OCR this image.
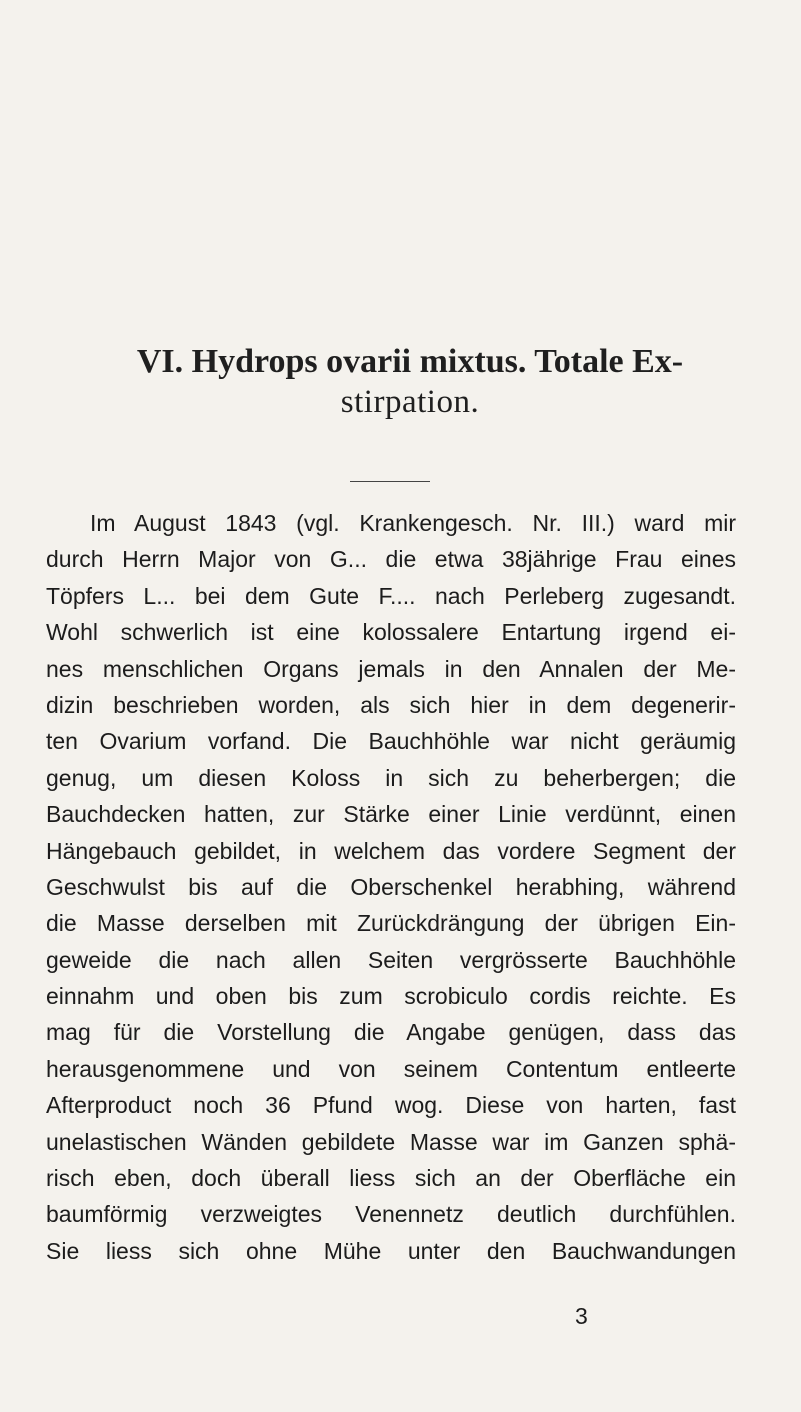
VI. Hydrops ovarii mixtus. Totale Ex-
stirpation.
Im August 1843 (vgl. Krankengesch. Nr. III.) ward mir
durch Herrn Major von G... die etwa 38jährige Frau eines
Töpfers L... bei dem Gute F.... nach Perleberg zugesandt.
Wohl schwerlich ist eine kolossalere Entartung irgend ei-
nes menschlichen Organs jemals in den Annalen der Me-
dizin beschrieben worden, als sich hier in dem degenerir-
ten Ovarium vorfand. Die Bauchhöhle war nicht geräumig
genug, um diesen Koloss in sich zu beherbergen; die
Bauchdecken hatten, zur Stärke einer Linie verdünnt, einen
Hängebauch gebildet, in welchem das vordere Segment der
Geschwulst bis auf die Oberschenkel herabhing, während
die Masse derselben mit Zurückdrängung der übrigen Ein-
geweide die nach allen Seiten vergrösserte Bauchhöhle
einnahm und oben bis zum scrobiculo cordis reichte. Es
mag für die Vorstellung die Angabe genügen, dass das
herausgenommene und von seinem Contentum entleerte
Afterproduct noch 36 Pfund wog. Diese von harten, fast
unelastischen Wänden gebildete Masse war im Ganzen sphä-
risch eben, doch überall liess sich an der Oberfläche ein
baumförmig verzweigtes Venennetz deutlich durchfühlen.
Sie liess sich ohne Mühe unter den Bauchwandungen
3
